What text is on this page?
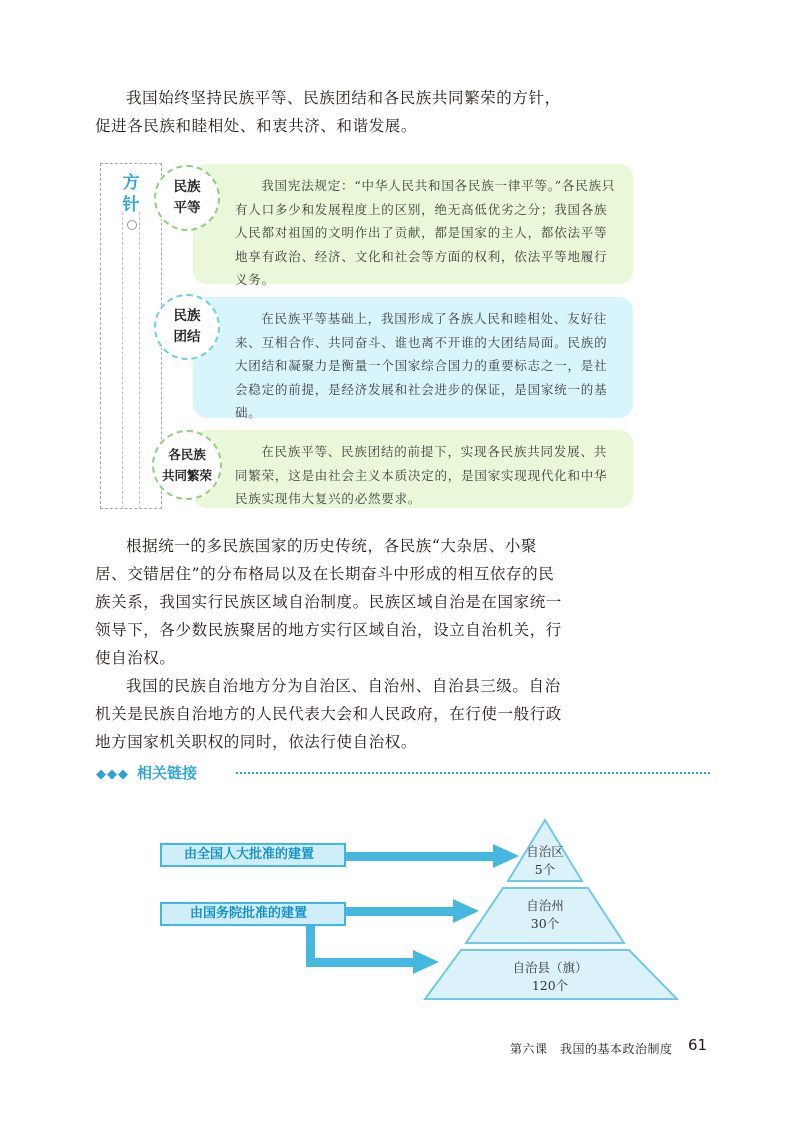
我国始终坚持民族平等、民族团结和各民族共同繁荣的方针，促进各民族和睦相处、和衷共济、和谐发展。

方
针

我国宪法规定：“中华人民共和国各民族一律平等。”各民族只有人口多少和发展程度上的区别，绝无高低优劣之分；我国各族人民都对祖国的文明作出了贡献，都是国家的主人，都依法平等地享有政治、经济、文化和社会等方面的权利，依法平等地履行义务。

民族
平等

在民族平等基础上，我国形成了各族人民和睦相处、友好往来、互相合作、共同奋斗、谁也离不开谁的大团结局面。民族的大团结和凝聚力是衡量一个国家综合国力的重要标志之一，是社会稳定的前提，是经济发展和社会进步的保证，是国家统一的基础。

民族
团结

在民族平等、民族团结的前提下，实现各民族共同发展、共同繁荣，这是由社会主义本质决定的，是国家实现现代化和中华民族实现伟大复兴的必然要求。

各民族
共同繁荣

根据统一的多民族国家的历史传统，各民族“大杂居、小聚居、交错居住”的分布格局以及在长期奋斗中形成的相互依存的民族关系，我国实行民族区域自治制度。民族区域自治是在国家统一领导下，各少数民族聚居的地方实行区域自治，设立自治机关，行使自治权。

我国的民族自治地方分为自治区、自治州、自治县三级。自治机关是民族自治地方的人民代表大会和人民政府，在行使一般行政地方国家机关职权的同时，依法行使自治权。

◆◆◆ 相关链接
自治区
5个
自治州
30个
自治县（旗）
120个
由全国人大批准的建置
由国务院批准的建置
第六课　我国的基本政治制度 61
